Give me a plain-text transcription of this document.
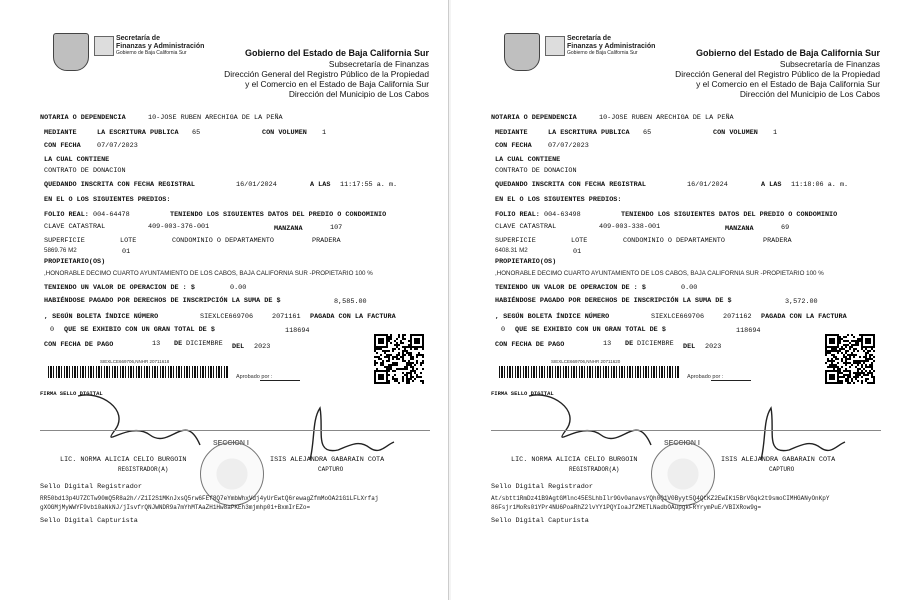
Secretaría de
Finanzas y Administración
Gobierno de Baja California Sur	Gobierno del Estado de Baja California Sur
Subsecretaría de Finanzas
Dirección General del Registro Público de la Propiedad
y el Comercio en el Estado de Baja California Sur
Dirección del Municipio de Los Cabos
NOTARIA O DEPENDENCIA	10-JOSE RUBEN ARECHIGA DE LA PEÑA
MEDIANTE	LA ESCRITURA PUBLICA 65	CON VOLUMEN 1
CON FECHA 07/07/2023
LA CUAL CONTIENE
CONTRATO DE DONACION
QUEDANDO INSCRITA CON FECHA REGISTRAL	16/01/2024	A LAS 11:17:55 a. m.
EN EL O LOS SIGUIENTES PREDIOS:
FOLIO REAL: 004-64478	TENIENDO LOS SIGUIENTES DATOS DEL PREDIO O CONDOMINIO
CLAVE CATASTRAL	409-003-376-001	MANZANA	107
SUPERFICIE	LOTE	CONDOMINIO O DEPARTAMENTO	PRADERA
5869.76 M2	01
PROPIETARIO(OS)
,HONORABLE DECIMO CUARTO AYUNTAMIENTO DE LOS CABOS, BAJA CALIFORNIA SUR -PROPIETARIO 100 %
TENIENDO UN VALOR DE OPERACION DE : $	0.00
HABIÉNDOSE PAGADO POR DERECHOS DE INSCRIPCIÓN LA SUMA DE $	8,585.00
, SEGÚN BOLETA ÍNDICE NÚMERO	SIEXLCE669706	2071161 PAGADA CON LA FACTURA
0 QUE SE EXHIBIO CON UN GRAN TOTAL DE $	118694
CON FECHA DE PAGO	13 DE DICIEMBRE DEL 2023
SIEXLCE669706,NNHR 20711618
Aprobado por :
FIRMA SELLO DIGITAL
SECCION I
LIC. NORMA ALICIA CELIO BURGOIN
REGISTRADOR(A)
ISIS ALEJANDRA GABARAIN COTA
CAPTURO
Sello Digital Registrador
RR50bd13p4U7ZCTw90mQ5R8a2h//Z1I2S1MKnJxsQ5rw6FEf8Q7eYmbWhxVdj4yUrEwtQ6rewagZfmMoOA21G1LFLXrfaj
gXOGMjMyWWYF9vb10aNkNJ/jIsvfrQNJWNDR9a7mYhMTAaZH1Hw8aPKEh3mjmhp01+BxmIrEZo=
Sello Digital Capturista
Secretaría de
Finanzas y Administración
Gobierno de Baja California Sur	Gobierno del Estado de Baja California Sur
Subsecretaría de Finanzas
Dirección General del Registro Público de la Propiedad
y el Comercio en el Estado de Baja California Sur
Dirección del Municipio de Los Cabos
NOTARIA O DEPENDENCIA	10-JOSE RUBEN ARECHIGA DE LA PEÑA
MEDIANTE	LA ESCRITURA PUBLICA 65	CON VOLUMEN 1
CON FECHA 07/07/2023
LA CUAL CONTIENE
CONTRATO DE DONACION
QUEDANDO INSCRITA CON FECHA REGISTRAL	16/01/2024	A LAS 11:18:06 a. m.
EN EL O LOS SIGUIENTES PREDIOS:
FOLIO REAL: 004-63498	TENIENDO LOS SIGUIENTES DATOS DEL PREDIO O CONDOMINIO
CLAVE CATASTRAL	409-003-338-001	MANZANA	69
SUPERFICIE	LOTE	CONDOMINIO O DEPARTAMENTO	PRADERA
6408.31 M2	01
PROPIETARIO(OS)
,HONORABLE DECIMO CUARTO AYUNTAMIENTO DE LOS CABOS, BAJA CALIFORNIA SUR -PROPIETARIO 100 %
TENIENDO UN VALOR DE OPERACION DE : $	0.00
HABIÉNDOSE PAGADO POR DERECHOS DE INSCRIPCIÓN LA SUMA DE $	3,572.00
, SEGÚN BOLETA ÍNDICE NÚMERO	SIEXLCE669706	2071162 PAGADA CON LA FACTURA
0 QUE SE EXHIBIO CON UN GRAN TOTAL DE $	118694
CON FECHA DE PAGO	13 DE DICIEMBRE DEL 2023
SIEXLCE669706,NNHR 20711620
Aprobado por :
FIRMA SELLO DIGITAL
SECCION I
LIC. NORMA ALICIA CELIO BURGOIN
REGISTRADOR(A)
ISIS ALEJANDRA GABARAIN COTA
CAPTURO
Sello Digital Registrador
At/sbtt1RmDz41B9AgtGMlnc45ESLhbIlr9Gv0anavsYQh0Q1V0Byyt5Q4QtKZ2EwIK15BrVGqk2t9smoCIMHGANyOnKpY
86Fsjr1MoRs01YPr4NU6PoaRhZ2lvYY1PQYIoaJfZMETLNadbOAupgkFRYrymPuE/VBIXRow9g=
Sello Digital Capturista
